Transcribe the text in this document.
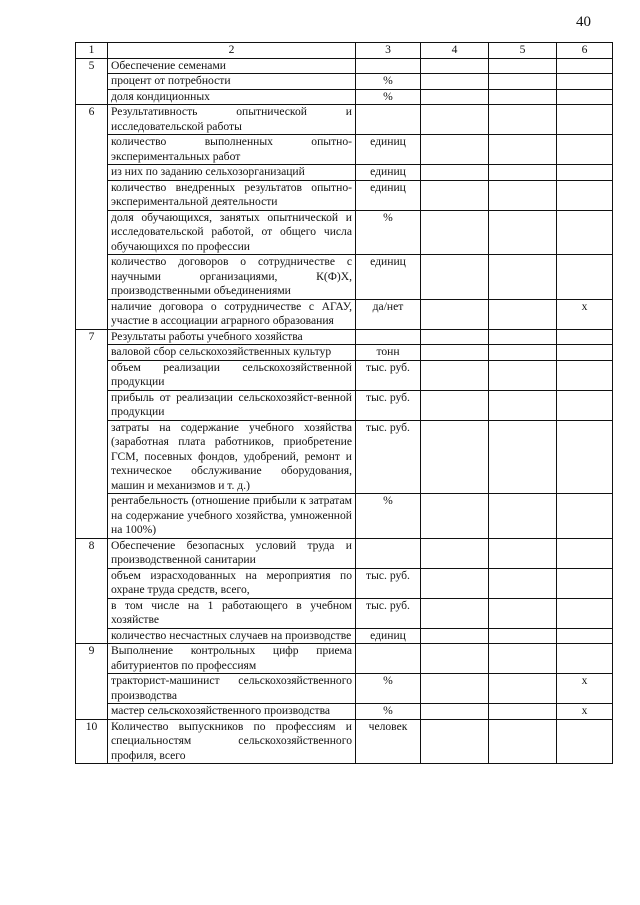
40
1	2	3	4	5	6
5	Обеспечение семенами				
	процент от потребности	%			
	доля кондиционных	%			
6	Результативность опытнической и исследовательской работы				
	количество выполненных опытно-экспериментальных работ	единиц			
	из них по заданию сельхозорганизаций	единиц			
	количество внедренных результатов опытно-экспериментальной деятельности	единиц			
	доля обучающихся, занятых опытнической и исследовательской работой, от общего числа обучающихся по профессии	%			
	количество договоров о сотрудничестве с научными организациями, К(Ф)Х, производственными объединениями	единиц			
	наличие договора о сотрудничестве с АГАУ, участие в ассоциации аграрного образования	да/нет			x
7	Результаты работы учебного хозяйства				
	валовой сбор сельскохозяйственных культур	тонн			
	объем реализации сельскохозяйственной продукции	тыс. руб.			
	прибыль от реализации сельскохозяйст-венной продукции	тыс. руб.			
	затраты на содержание учебного хозяйства (заработная плата работников, приобретение ГСМ, посевных фондов, удобрений, ремонт и техническое обслуживание оборудования, машин и механизмов и т. д.)	тыс. руб.			
	рентабельность (отношение прибыли к затратам на содержание учебного хозяйства, умноженной на 100%)	%			
8	Обеспечение безопасных условий труда и производственной санитарии				
	объем израсходованных на мероприятия по охране труда средств, всего,	тыс. руб.			
	в том числе на 1 работающего в учебном хозяйстве	тыс. руб.			
	количество несчастных случаев на производстве	единиц			
9	Выполнение контрольных цифр приема абитуриентов по профессиям				
	тракторист-машинист сельскохозяйственного производства	%			x
	мастер сельскохозяйственного производства	%			x
10	Количество выпускников по профессиям и специальностям сельскохозяйственного профиля, всего	человек			
